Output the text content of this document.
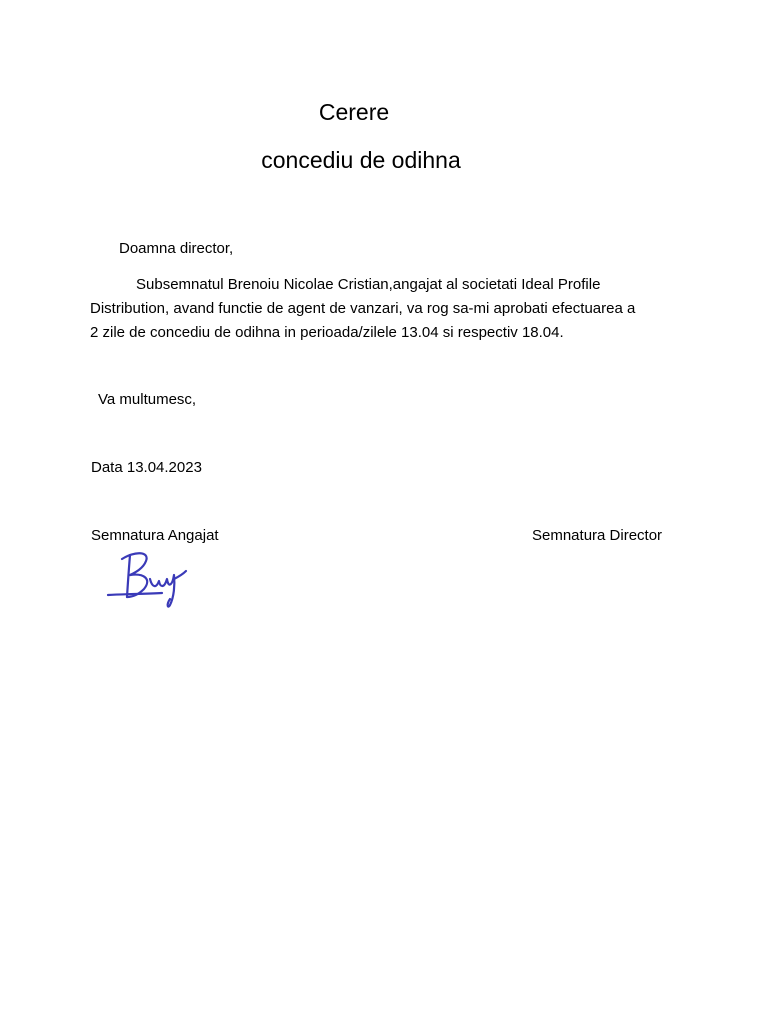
Cerere
concediu de odihna
Doamna director,
Subsemnatul Brenoiu Nicolae Cristian,angajat al societati Ideal Profile
Distribution, avand functie de agent de vanzari, va rog sa-mi aprobati efectuarea a
2 zile de concediu de odihna in perioada/zilele 13.04 si respectiv 18.04.
Va multumesc,
Data 13.04.2023
Semnatura Angajat	Semnatura Director
